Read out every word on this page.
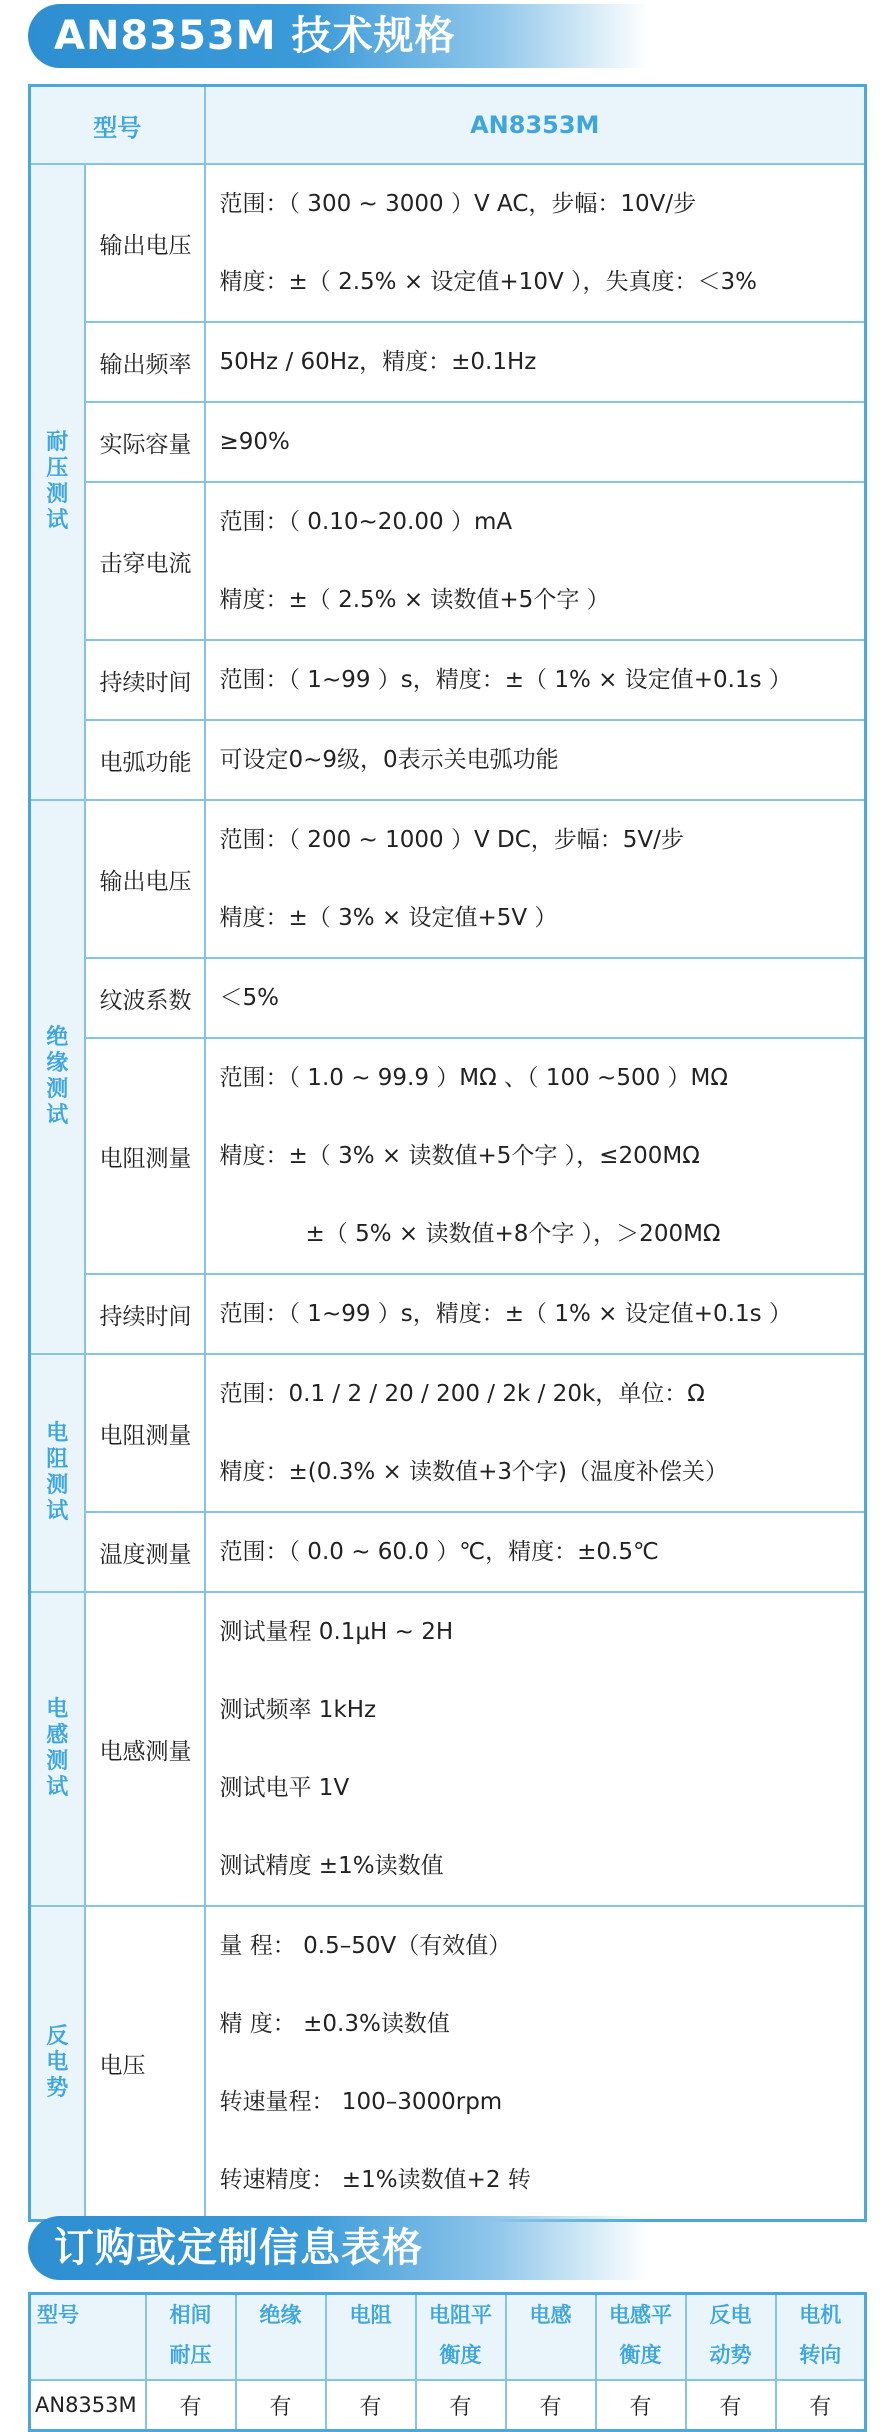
AN8353M 技术规格
型号		AN8353M
耐压测试	输出电压	范围：（ 300 ~ 3000 ）V AC，步幅：10V/步
精度：±（ 2.5% × 设定值+10V ），失真度：＜3%

	输出频率	50Hz / 60Hz，精度：±0.1Hz

	实际容量	≥90%

	击穿电流	范围：（ 0.10~20.00 ）mA
精度：±（ 2.5% × 读数值+5个字 ）

	持续时间	范围：（ 1~99 ）s，精度：±（ 1% × 设定值+0.1s ）

	电弧功能	可设定0~9级，0表示关电弧功能

绝缘测试	输出电压	范围：（ 200 ~ 1000 ）V DC，步幅：5V/步
精度：±（ 3% × 设定值+5V ）

	纹波系数	＜5%

	电阻测量	范围：（ 1.0 ~ 99.9 ）MΩ 、（ 100 ~500 ）MΩ
精度：±（ 3% × 读数值+5个字 ），≤200MΩ
±（ 5% × 读数值+8个字 ），＞200MΩ

	持续时间	范围：（ 1~99 ）s，精度：±（ 1% × 设定值+0.1s ）

电阻测试	电阻测量	范围：0.1 / 2 / 20 / 200 / 2k / 20k，单位：Ω
精度：±(0.3% × 读数值+3个字)（温度补偿关）

	温度测量	范围：（ 0.0 ~ 60.0 ）℃，精度：±0.5℃

电感测试	电感测量	测试量程 0.1μH ~ 2H
测试频率 1kHz
测试电平 1V
测试精度 ±1%读数值

反电势	电压	量 程： 0.5–50V（有效值）
精 度： ±0.3%读数值
转速量程： 100–3000rpm
转速精度： ±1%读数值+2 转
订购或定制信息表格
型号	相间耐压	绝缘	电阻	电阻平衡度	电感	电感平衡度	反电动势	电机转向
AN8353M	有	有	有	有	有	有	有	有
